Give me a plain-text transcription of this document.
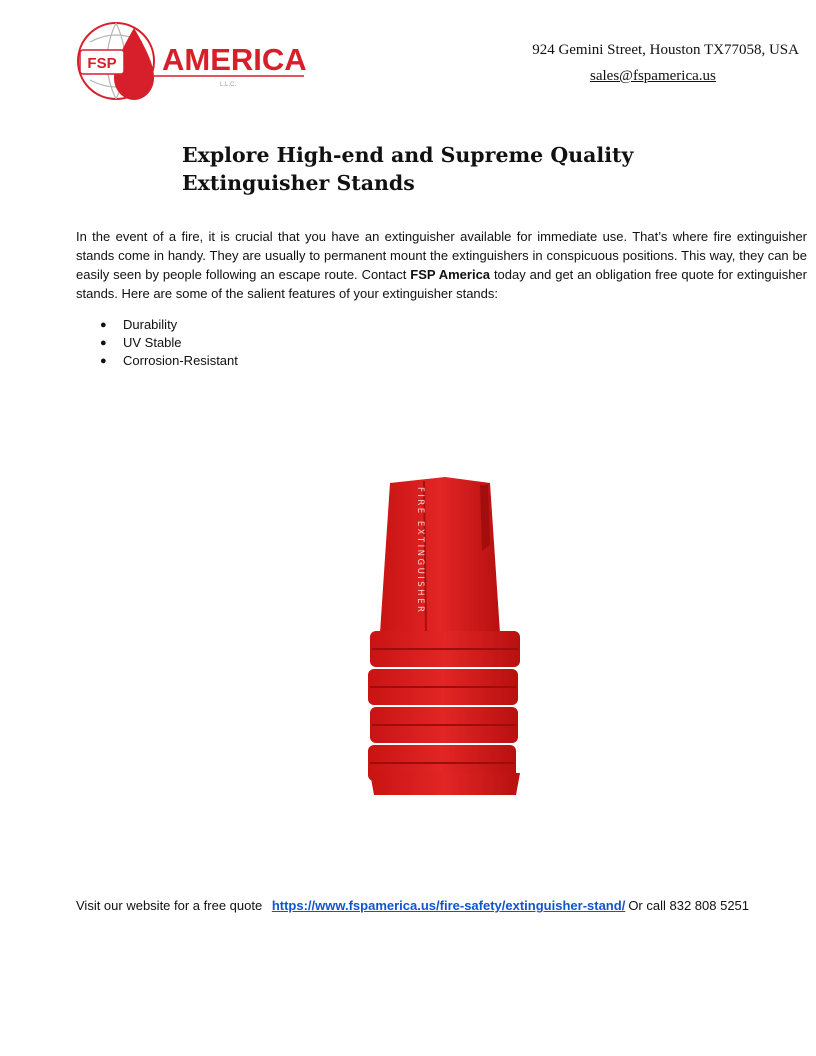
FSP AMERICA
L.L.C.
924 Gemini Street, Houston TX77058, USA
sales@fspamerica.us
Explore High-end and Supreme Quality Extinguisher Stands

In the event of a fire, it is crucial that you have an extinguisher available for immediate use. That’s where fire extinguisher stands come in handy. They are usually to permanent mount the extinguishers in conspicuous positions. This way, they can be easily seen by people following an escape route. Contact FSP America today and get an obligation free quote for extinguisher stands. Here are some of the salient features of your extinguisher stands:

● Durability
● UV Stable
● Corrosion-Resistant
FIRE EXTINGUISHER
Visit our website for a free quote https://www.fspamerica.us/fire-safety/extinguisher-stand/ Or call 832 808 5251
